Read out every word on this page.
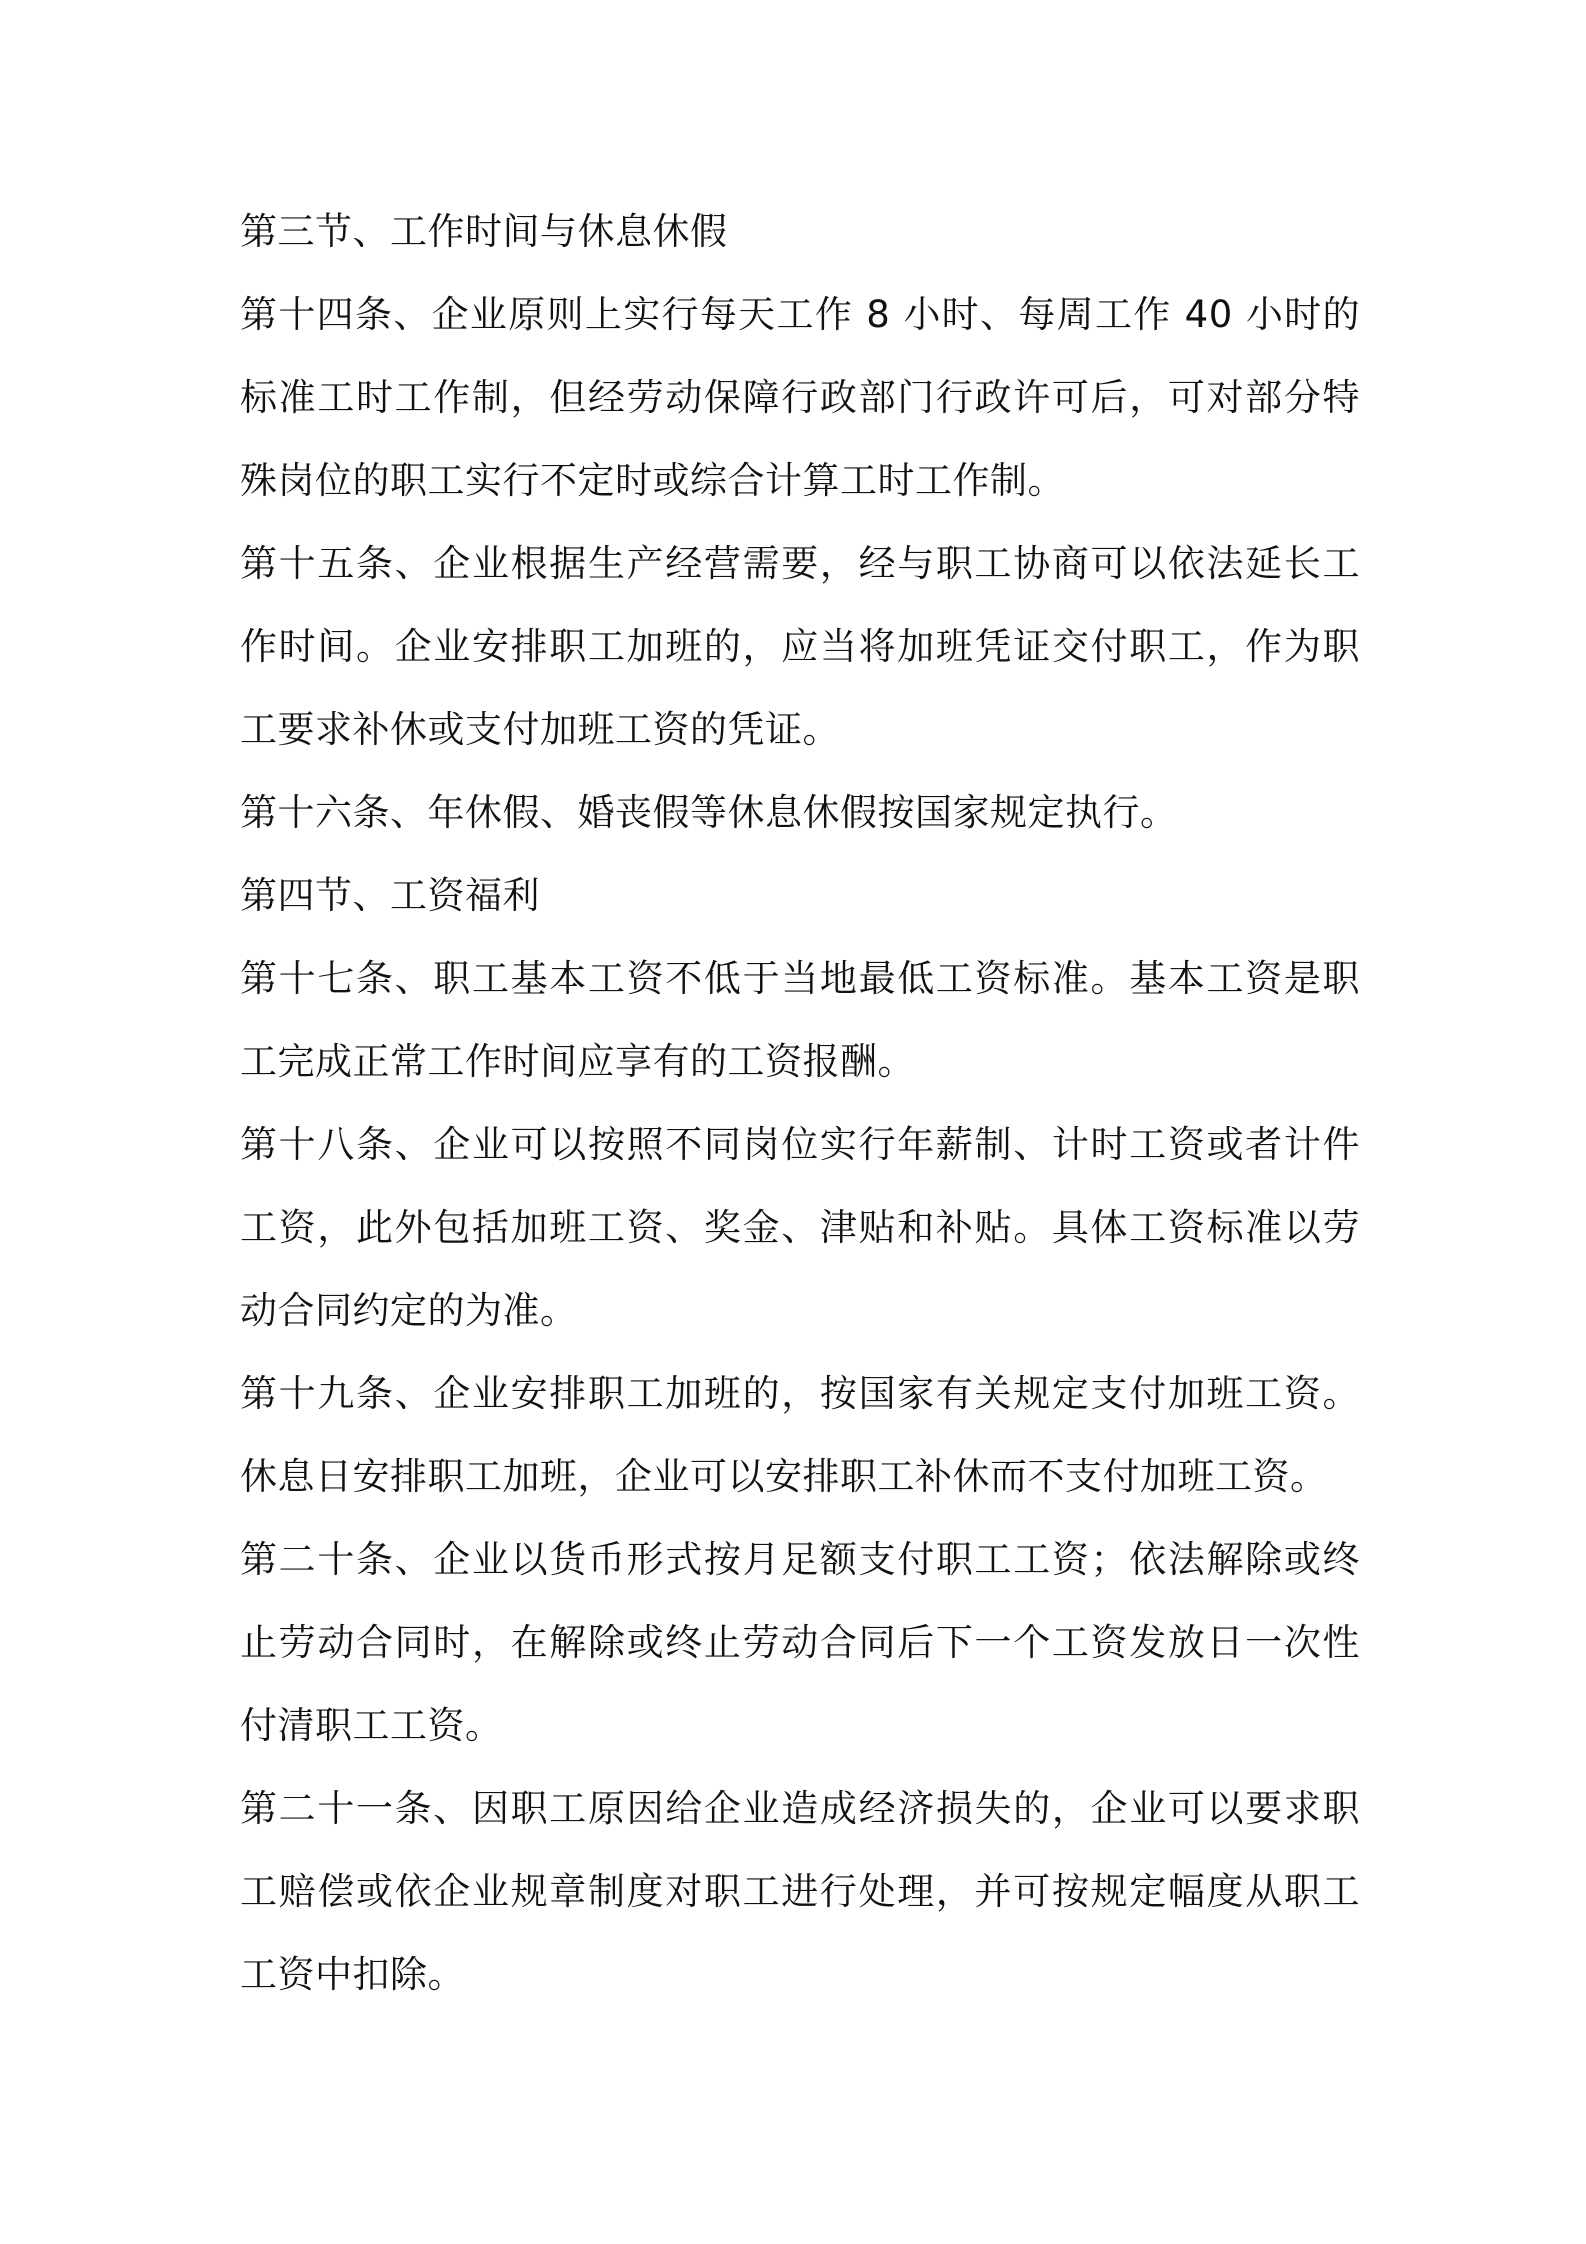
第三节、工作时间与休息休假

第十四条、企业原则上实行每天工作 8 小时、每周工作 40 小时的标准工时工作制，但经劳动保障行政部门行政许可后，可对部分特殊岗位的职工实行不定时或综合计算工时工作制。

第十五条、企业根据生产经营需要，经与职工协商可以依法延长工作时间。企业安排职工加班的，应当将加班凭证交付职工，作为职工要求补休或支付加班工资的凭证。

第十六条、年休假、婚丧假等休息休假按国家规定执行。

第四节、工资福利

第十七条、职工基本工资不低于当地最低工资标准。基本工资是职工完成正常工作时间应享有的工资报酬。

第十八条、企业可以按照不同岗位实行年薪制、计时工资或者计件工资，此外包括加班工资、奖金、津贴和补贴。具体工资标准以劳动合同约定的为准。

第十九条、企业安排职工加班的，按国家有关规定支付加班工资。休息日安排职工加班，企业可以安排职工补休而不支付加班工资。

第二十条、企业以货币形式按月足额支付职工工资；依法解除或终止劳动合同时，在解除或终止劳动合同后下一个工资发放日一次性付清职工工资。

第二十一条、因职工原因给企业造成经济损失的，企业可以要求职工赔偿或依企业规章制度对职工进行处理，并可按规定幅度从职工工资中扣除。
